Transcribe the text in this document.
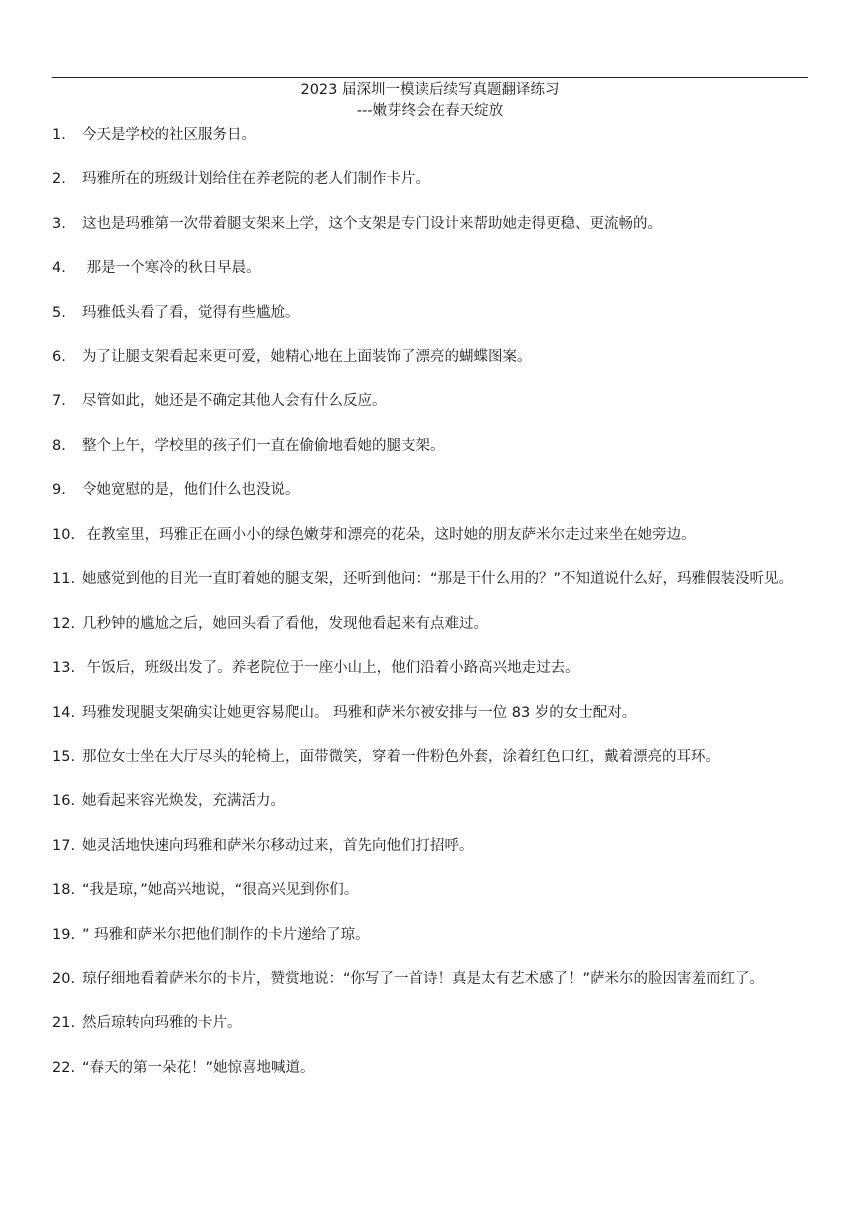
2023 届深圳一模读后续写真题翻译练习
---嫩芽终会在春天绽放
1.	今天是学校的社区服务日。
2.	玛雅所在的班级计划给住在养老院的老人们制作卡片。
3.	这也是玛雅第一次带着腿支架来上学，这个支架是专门设计来帮助她走得更稳、更流畅的。
4.	那是一个寒冷的秋日早晨。
5.	玛雅低头看了看，觉得有些尴尬。
6.	为了让腿支架看起来更可爱，她精心地在上面装饰了漂亮的蝴蝶图案。
7.	尽管如此，她还是不确定其他人会有什么反应。
8.	整个上午，学校里的孩子们一直在偷偷地看她的腿支架。
9.	令她宽慰的是，他们什么也没说。
10. 在教室里，玛雅正在画小小的绿色嫩芽和漂亮的花朵，这时她的朋友萨米尔走过来坐在她旁边。
11. 她感觉到他的目光一直盯着她的腿支架，还听到他问：“那是干什么用的？”不知道说什么好，玛雅假装没听见。
12. 几秒钟的尴尬之后，她回头看了看他，发现他看起来有点难过。
13. 午饭后，班级出发了。养老院位于一座小山上，他们沿着小路高兴地走过去。
14. 玛雅发现腿支架确实让她更容易爬山。 玛雅和萨米尔被安排与一位 83 岁的女士配对。
15. 那位女士坐在大厅尽头的轮椅上，面带微笑，穿着一件粉色外套，涂着红色口红，戴着漂亮的耳环。
16. 她看起来容光焕发，充满活力。
17. 她灵活地快速向玛雅和萨米尔移动过来，首先向他们打招呼。
18. “我是琼，”她高兴地说，“很高兴见到你们。
19. ” 玛雅和萨米尔把他们制作的卡片递给了琼。
20. 琼仔细地看着萨米尔的卡片，赞赏地说：“你写了一首诗！真是太有艺术感了！”萨米尔的脸因害羞而红了。
21. 然后琼转向玛雅的卡片。
22. “春天的第一朵花！”她惊喜地喊道。
